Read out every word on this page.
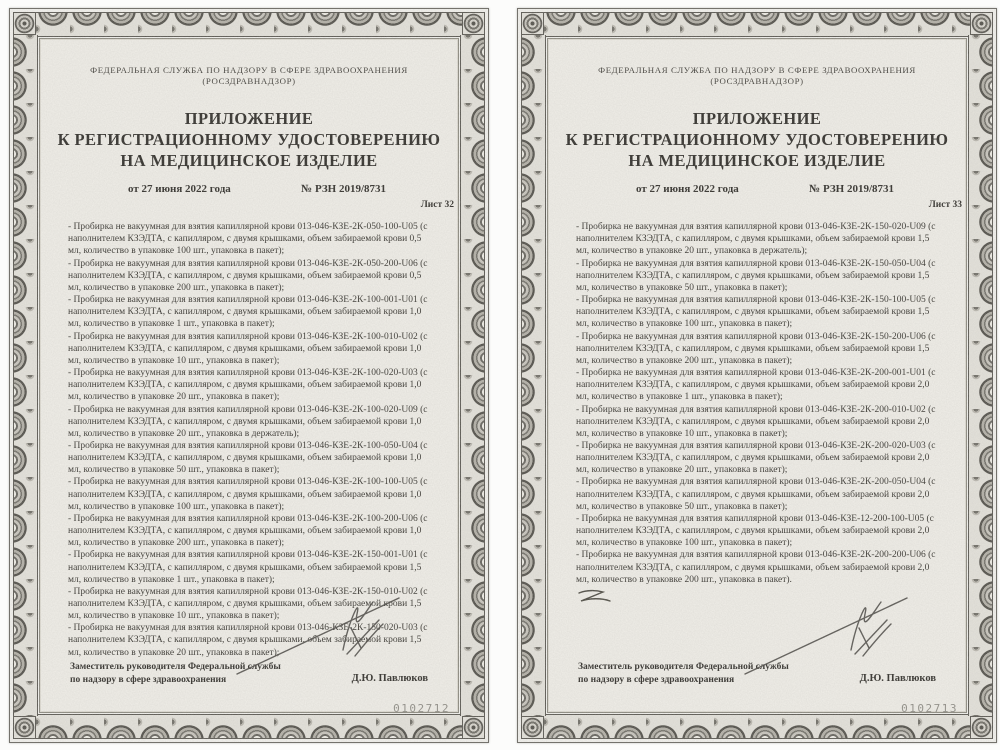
ФЕДЕРАЛЬНАЯ СЛУЖБА ПО НАДЗОРУ В СФЕРЕ ЗДРАВООХРАНЕНИЯ
(РОСЗДРАВНАДЗОР)
ПРИЛОЖЕНИЕ
К РЕГИСТРАЦИОННОМУ УДОСТОВЕРЕНИЮ
НА МЕДИЦИНСКОЕ ИЗДЕЛИЕ
от 27 июня 2022 года	№ РЗН 2019/8731
Лист 32

- Пробирка не вакуумная для взятия капиллярной крови 013-046-КЗЕ-2К-050-100-U05 (с наполнителем КЗЭДТА, с капилляром, с двумя крышками, объем забираемой крови 0,5 мл, количество в упаковке 100 шт., упаковка в пакет);

- Пробирка не вакуумная для взятия капиллярной крови 013-046-КЗЕ-2К-050-200-U06 (с наполнителем КЗЭДТА, с капилляром, с двумя крышками, объем забираемой крови 0,5 мл, количество в упаковке 200 шт., упаковка в пакет);

- Пробирка не вакуумная для взятия капиллярной крови 013-046-КЗЕ-2К-100-001-U01 (с наполнителем КЗЭДТА, с капилляром, с двумя крышками, объем забираемой крови 1,0 мл, количество в упаковке 1 шт., упаковка в пакет);

- Пробирка не вакуумная для взятия капиллярной крови 013-046-КЗЕ-2К-100-010-U02 (с наполнителем КЗЭДТА, с капилляром, с двумя крышками, объем забираемой крови 1,0 мл, количество в упаковке 10 шт., упаковка в пакет);

- Пробирка не вакуумная для взятия капиллярной крови 013-046-КЗЕ-2К-100-020-U03 (с наполнителем КЗЭДТА, с капилляром, с двумя крышками, объем забираемой крови 1,0 мл, количество в упаковке 20 шт., упаковка в пакет);

- Пробирка не вакуумная для взятия капиллярной крови 013-046-КЗЕ-2К-100-020-U09 (с наполнителем КЗЭДТА, с капилляром, с двумя крышками, объем забираемой крови 1,0 мл, количество в упаковке 20 шт., упаковка в держатель);

- Пробирка не вакуумная для взятия капиллярной крови 013-046-КЗЕ-2К-100-050-U04 (с наполнителем КЗЭДТА, с капилляром, с двумя крышками, объем забираемой крови 1,0 мл, количество в упаковке 50 шт., упаковка в пакет);

- Пробирка не вакуумная для взятия капиллярной крови 013-046-КЗЕ-2К-100-100-U05 (с наполнителем КЗЭДТА, с капилляром, с двумя крышками, объем забираемой крови 1,0 мл, количество в упаковке 100 шт., упаковка в пакет);

- Пробирка не вакуумная для взятия капиллярной крови 013-046-КЗЕ-2К-100-200-U06 (с наполнителем КЗЭДТА, с капилляром, с двумя крышками, объем забираемой крови 1,0 мл, количество в упаковке 200 шт., упаковка в пакет);

- Пробирка не вакуумная для взятия капиллярной крови 013-046-КЗЕ-2К-150-001-U01 (с наполнителем КЗЭДТА, с капилляром, с двумя крышками, объем забираемой крови 1,5 мл, количество в упаковке 1 шт., упаковка в пакет);

- Пробирка не вакуумная для взятия капиллярной крови 013-046-КЗЕ-2К-150-010-U02 (с наполнителем КЗЭДТА, с капилляром, с двумя крышками, объем забираемой крови 1,5 мл, количество в упаковке 10 шт., упаковка в пакет);

- Пробирка не вакуумная для взятия капиллярной крови 013-046-КЗЕ-2К-150-020-U03 (с наполнителем КЗЭДТА, с капилляром, с двумя крышками, объем забираемой крови 1,5 мл, количество в упаковке 20 шт., упаковка в пакет);

Заместитель руководителя Федеральной службы
по надзору в сфере здравоохранения	Д.Ю. Павлюков
0102712
ФЕДЕРАЛЬНАЯ СЛУЖБА ПО НАДЗОРУ В СФЕРЕ ЗДРАВООХРАНЕНИЯ
(РОСЗДРАВНАДЗОР)
ПРИЛОЖЕНИЕ
К РЕГИСТРАЦИОННОМУ УДОСТОВЕРЕНИЮ
НА МЕДИЦИНСКОЕ ИЗДЕЛИЕ
от 27 июня 2022 года	№ РЗН 2019/8731
Лист 33

- Пробирка не вакуумная для взятия капиллярной крови 013-046-КЗЕ-2К-150-020-U09 (с наполнителем КЗЭДТА, с капилляром, с двумя крышками, объем забираемой крови 1,5 мл, количество в упаковке 20 шт., упаковка в держатель);

- Пробирка не вакуумная для взятия капиллярной крови 013-046-КЗЕ-2К-150-050-U04 (с наполнителем КЗЭДТА, с капилляром, с двумя крышками, объем забираемой крови 1,5 мл, количество в упаковке 50 шт., упаковка в пакет);

- Пробирка не вакуумная для взятия капиллярной крови 013-046-КЗЕ-2К-150-100-U05 (с наполнителем КЗЭДТА, с капилляром, с двумя крышками, объем забираемой крови 1,5 мл, количество в упаковке 100 шт., упаковка в пакет);

- Пробирка не вакуумная для взятия капиллярной крови 013-046-КЗЕ-2К-150-200-U06 (с наполнителем КЗЭДТА, с капилляром, с двумя крышками, объем забираемой крови 1,5 мл, количество в упаковке 200 шт., упаковка в пакет);

- Пробирка не вакуумная для взятия капиллярной крови 013-046-КЗЕ-2К-200-001-U01 (с наполнителем КЗЭДТА, с капилляром, с двумя крышками, объем забираемой крови 2,0 мл, количество в упаковке 1 шт., упаковка в пакет);

- Пробирка не вакуумная для взятия капиллярной крови 013-046-КЗЕ-2К-200-010-U02 (с наполнителем КЗЭДТА, с капилляром, с двумя крышками, объем забираемой крови 2,0 мл, количество в упаковке 10 шт., упаковка в пакет);

- Пробирка не вакуумная для взятия капиллярной крови 013-046-КЗЕ-2К-200-020-U03 (с наполнителем КЗЭДТА, с капилляром, с двумя крышками, объем забираемой крови 2,0 мл, количество в упаковке 20 шт., упаковка в пакет);

- Пробирка не вакуумная для взятия капиллярной крови 013-046-КЗЕ-2К-200-050-U04 (с наполнителем КЗЭДТА, с капилляром, с двумя крышками, объем забираемой крови 2,0 мл, количество в упаковке 50 шт., упаковка в пакет);

- Пробирка не вакуумная для взятия капиллярной крови 013-046-КЗЕ-12-200-100-U05 (с наполнителем КЗЭДТА, с капилляром, с двумя крышками, объем забираемой крови 2,0 мл, количество в упаковке 100 шт., упаковка в пакет);

- Пробирка не вакуумная для взятия капиллярной крови 013-046-КЗЕ-2К-200-200-U06 (с наполнителем КЗЭДТА, с капилляром, с двумя крышками, объем забираемой крови 2,0 мл, количество в упаковке 200 шт., упаковка в пакет).

Заместитель руководителя Федеральной службы
по надзору в сфере здравоохранения	Д.Ю. Павлюков
0102713
